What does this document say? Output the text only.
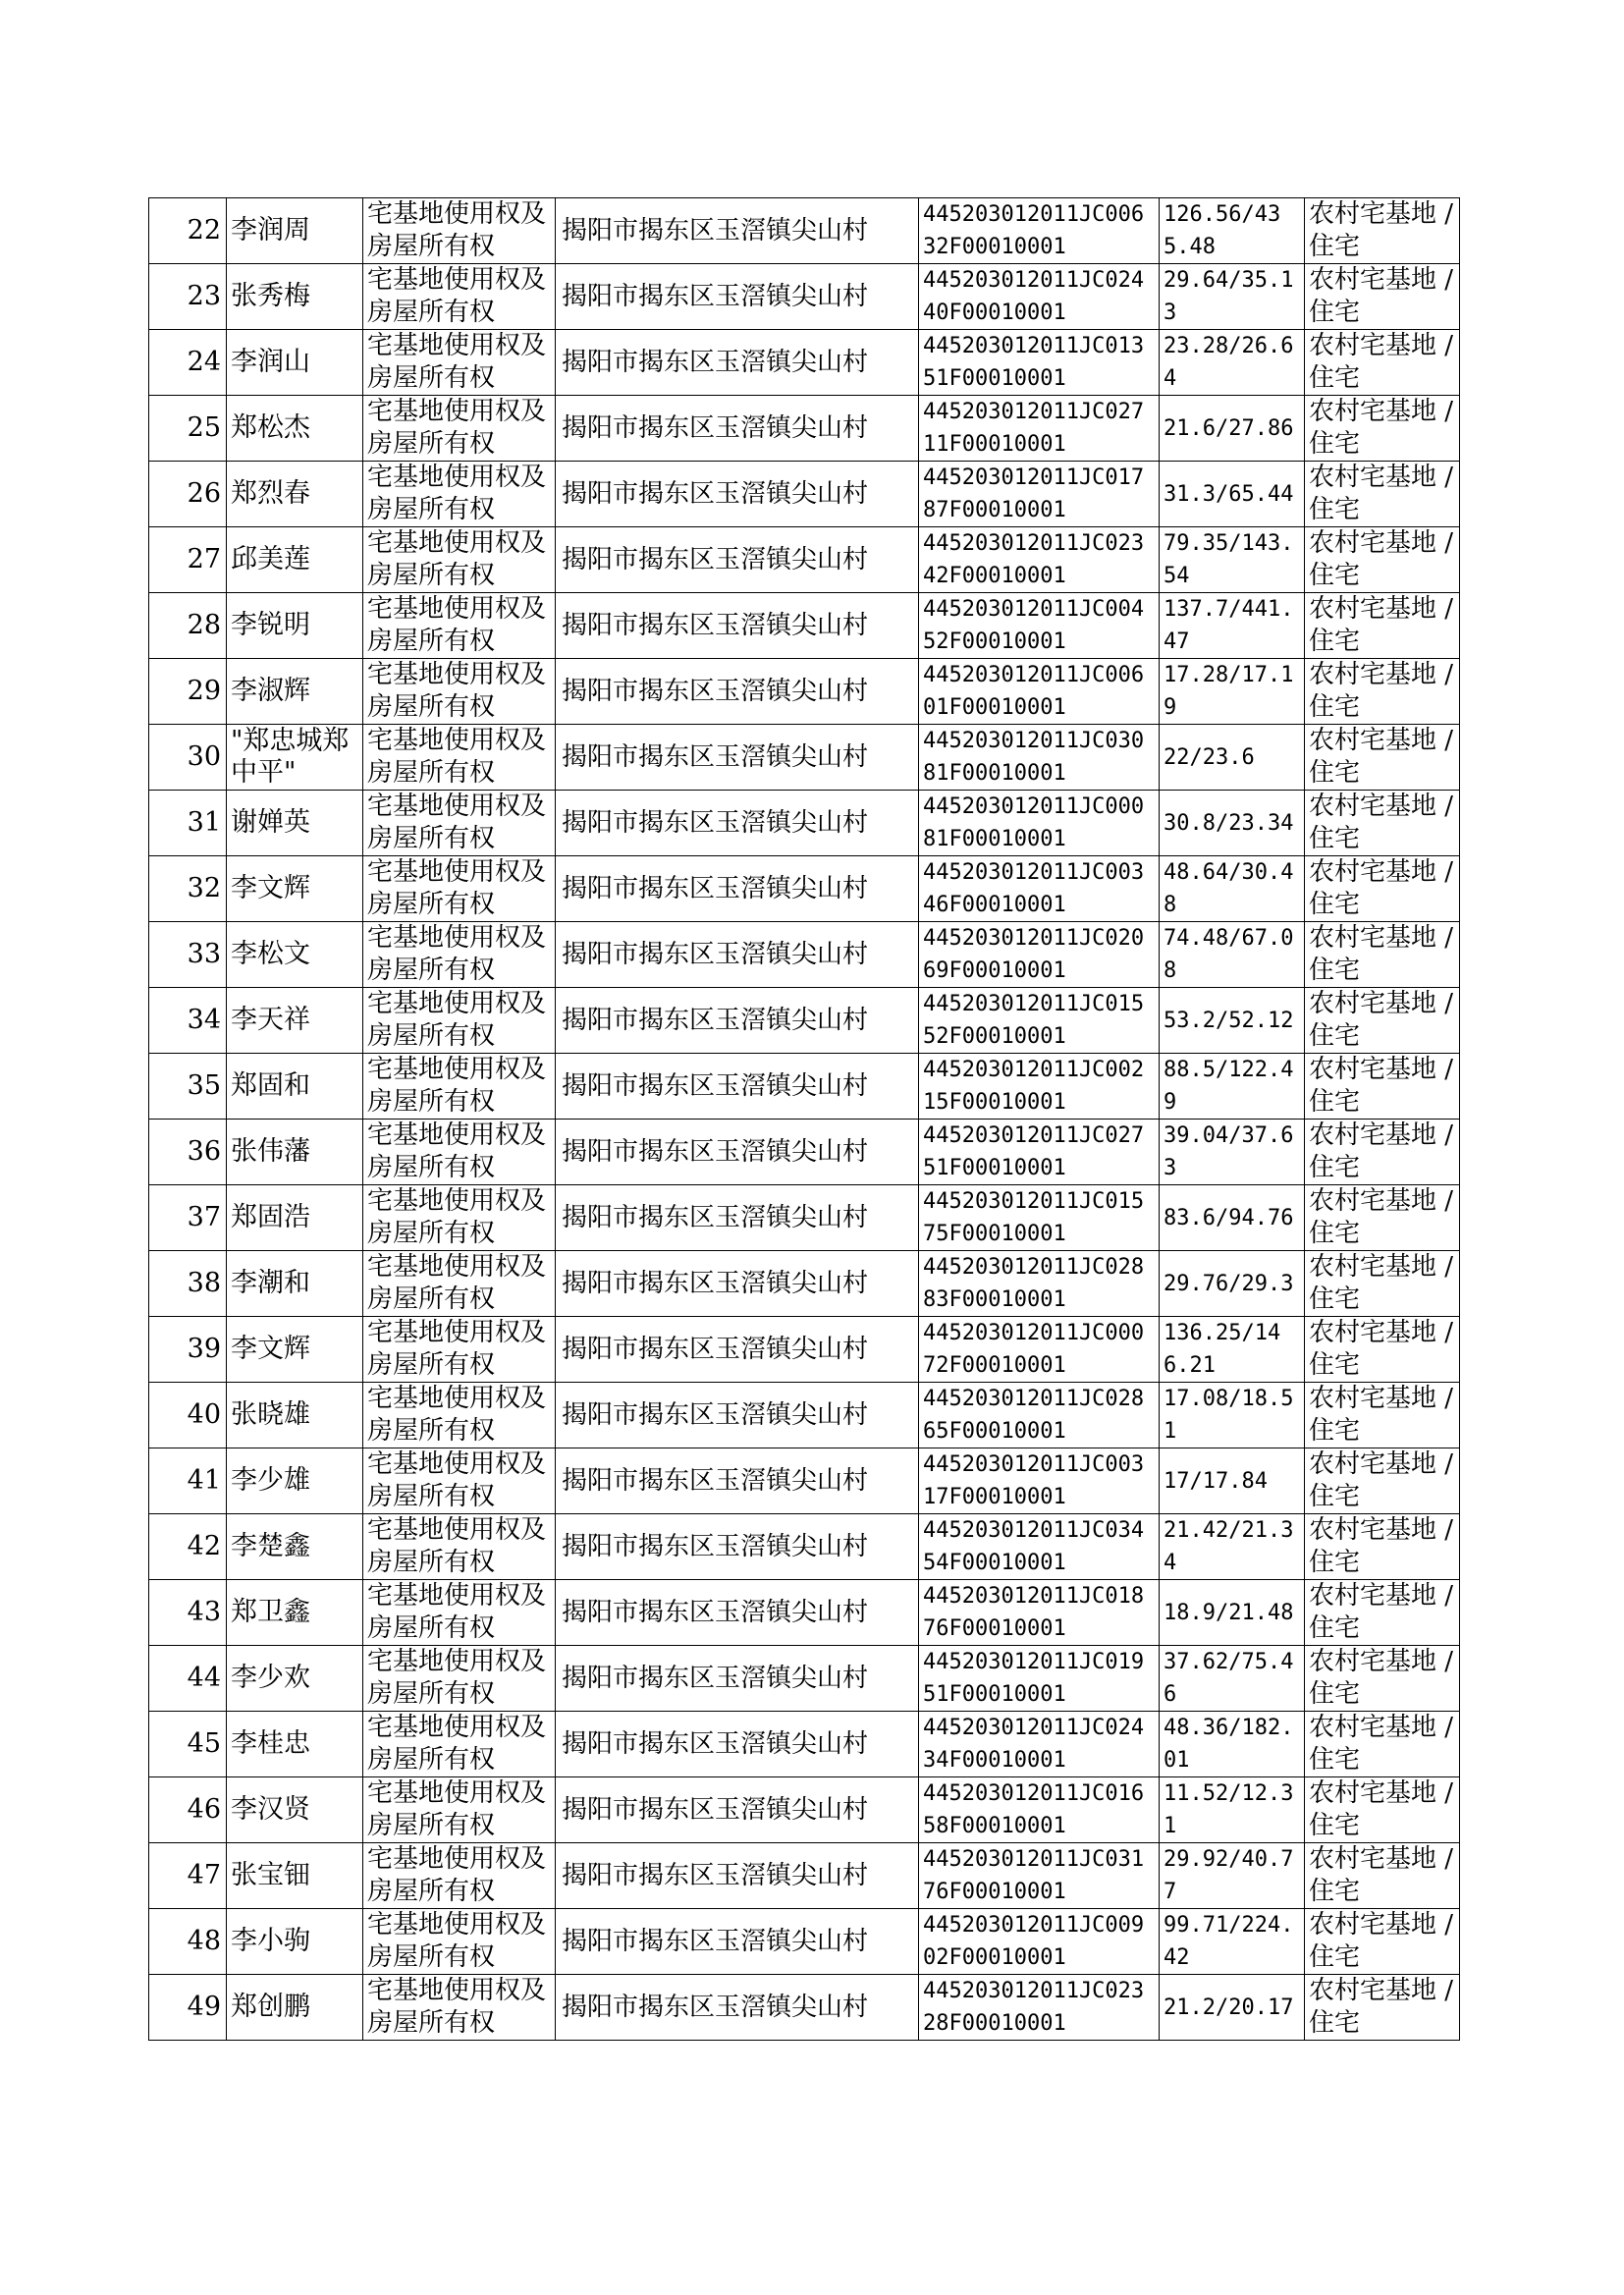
22	李润周	宅基地使用权及房屋所有权	揭阳市揭东区玉滘镇尖山村	445203012011JC00632F00010001	126.56/435.48	农村宅基地 / 住宅
23	张秀梅	宅基地使用权及房屋所有权	揭阳市揭东区玉滘镇尖山村	445203012011JC02440F00010001	29.64/35.13	农村宅基地 / 住宅
24	李润山	宅基地使用权及房屋所有权	揭阳市揭东区玉滘镇尖山村	445203012011JC01351F00010001	23.28/26.64	农村宅基地 / 住宅
25	郑松杰	宅基地使用权及房屋所有权	揭阳市揭东区玉滘镇尖山村	445203012011JC02711F00010001	21.6/27.86	农村宅基地 / 住宅
26	郑烈春	宅基地使用权及房屋所有权	揭阳市揭东区玉滘镇尖山村	445203012011JC01787F00010001	31.3/65.44	农村宅基地 / 住宅
27	邱美莲	宅基地使用权及房屋所有权	揭阳市揭东区玉滘镇尖山村	445203012011JC02342F00010001	79.35/143.54	农村宅基地 / 住宅
28	李锐明	宅基地使用权及房屋所有权	揭阳市揭东区玉滘镇尖山村	445203012011JC00452F00010001	137.7/441.47	农村宅基地 / 住宅
29	李淑辉	宅基地使用权及房屋所有权	揭阳市揭东区玉滘镇尖山村	445203012011JC00601F00010001	17.28/17.19	农村宅基地 / 住宅
30	"郑忠城郑中平"	宅基地使用权及房屋所有权	揭阳市揭东区玉滘镇尖山村	445203012011JC03081F00010001	22/23.6	农村宅基地 / 住宅
31	谢婵英	宅基地使用权及房屋所有权	揭阳市揭东区玉滘镇尖山村	445203012011JC00081F00010001	30.8/23.34	农村宅基地 / 住宅
32	李文辉	宅基地使用权及房屋所有权	揭阳市揭东区玉滘镇尖山村	445203012011JC00346F00010001	48.64/30.48	农村宅基地 / 住宅
33	李松文	宅基地使用权及房屋所有权	揭阳市揭东区玉滘镇尖山村	445203012011JC02069F00010001	74.48/67.08	农村宅基地 / 住宅
34	李天祥	宅基地使用权及房屋所有权	揭阳市揭东区玉滘镇尖山村	445203012011JC01552F00010001	53.2/52.12	农村宅基地 / 住宅
35	郑固和	宅基地使用权及房屋所有权	揭阳市揭东区玉滘镇尖山村	445203012011JC00215F00010001	88.5/122.49	农村宅基地 / 住宅
36	张伟藩	宅基地使用权及房屋所有权	揭阳市揭东区玉滘镇尖山村	445203012011JC02751F00010001	39.04/37.63	农村宅基地 / 住宅
37	郑固浩	宅基地使用权及房屋所有权	揭阳市揭东区玉滘镇尖山村	445203012011JC01575F00010001	83.6/94.76	农村宅基地 / 住宅
38	李潮和	宅基地使用权及房屋所有权	揭阳市揭东区玉滘镇尖山村	445203012011JC02883F00010001	29.76/29.3	农村宅基地 / 住宅
39	李文辉	宅基地使用权及房屋所有权	揭阳市揭东区玉滘镇尖山村	445203012011JC00072F00010001	136.25/146.21	农村宅基地 / 住宅
40	张晓雄	宅基地使用权及房屋所有权	揭阳市揭东区玉滘镇尖山村	445203012011JC02865F00010001	17.08/18.51	农村宅基地 / 住宅
41	李少雄	宅基地使用权及房屋所有权	揭阳市揭东区玉滘镇尖山村	445203012011JC00317F00010001	17/17.84	农村宅基地 / 住宅
42	李楚鑫	宅基地使用权及房屋所有权	揭阳市揭东区玉滘镇尖山村	445203012011JC03454F00010001	21.42/21.34	农村宅基地 / 住宅
43	郑卫鑫	宅基地使用权及房屋所有权	揭阳市揭东区玉滘镇尖山村	445203012011JC01876F00010001	18.9/21.48	农村宅基地 / 住宅
44	李少欢	宅基地使用权及房屋所有权	揭阳市揭东区玉滘镇尖山村	445203012011JC01951F00010001	37.62/75.46	农村宅基地 / 住宅
45	李桂忠	宅基地使用权及房屋所有权	揭阳市揭东区玉滘镇尖山村	445203012011JC02434F00010001	48.36/182.01	农村宅基地 / 住宅
46	李汉贤	宅基地使用权及房屋所有权	揭阳市揭东区玉滘镇尖山村	445203012011JC01658F00010001	11.52/12.31	农村宅基地 / 住宅
47	张宝钿	宅基地使用权及房屋所有权	揭阳市揭东区玉滘镇尖山村	445203012011JC03176F00010001	29.92/40.77	农村宅基地 / 住宅
48	李小驹	宅基地使用权及房屋所有权	揭阳市揭东区玉滘镇尖山村	445203012011JC00902F00010001	99.71/224.42	农村宅基地 / 住宅
49	郑创鹏	宅基地使用权及房屋所有权	揭阳市揭东区玉滘镇尖山村	445203012011JC02328F00010001	21.2/20.17	农村宅基地 / 住宅
